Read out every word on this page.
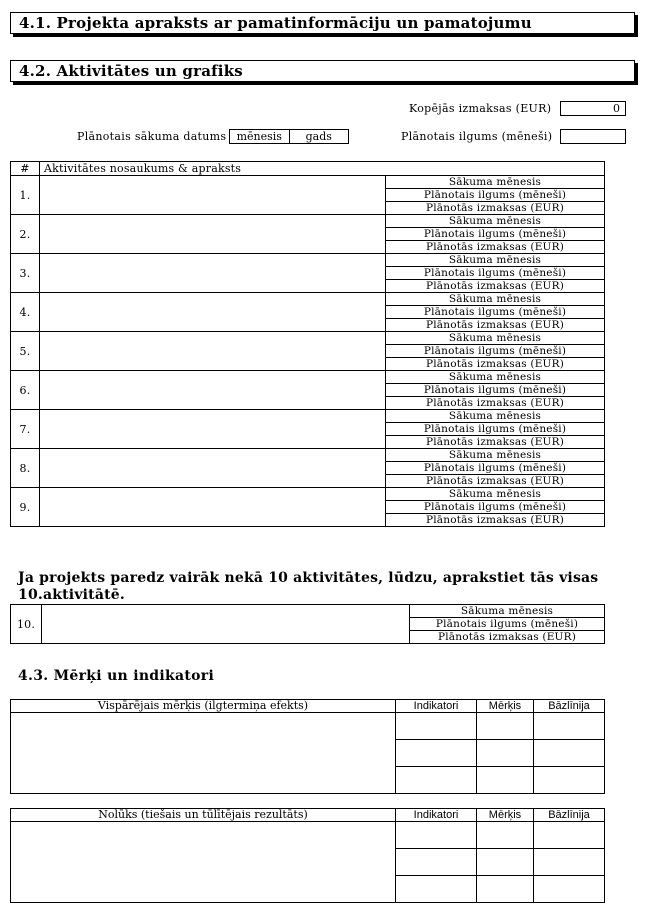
4.1. Projekta apraksts ar pamatinformāciju un pamatojumu
4.2. Aktivitātes un grafiks
Kopējās izmaksas (EUR)	0
Plānotais sākuma datums mēnesis	gads	Plānotais ilgums (mēneši)
#	Aktivitātes nosaukums & apraksts	
1.		Sākuma mēnesis
		Plānotais ilgums (mēneši)
		Plānotās izmaksas (EUR)
2.		Sākuma mēnesis
		Plānotais ilgums (mēneši)
		Plānotās izmaksas (EUR)
3.		Sākuma mēnesis
		Plānotais ilgums (mēneši)
		Plānotās izmaksas (EUR)
4.		Sākuma mēnesis
		Plānotais ilgums (mēneši)
		Plānotās izmaksas (EUR)
5.		Sākuma mēnesis
		Plānotais ilgums (mēneši)
		Plānotās izmaksas (EUR)
6.		Sākuma mēnesis
		Plānotais ilgums (mēneši)
		Plānotās izmaksas (EUR)
7.		Sākuma mēnesis
		Plānotais ilgums (mēneši)
		Plānotās izmaksas (EUR)
8.		Sākuma mēnesis
		Plānotais ilgums (mēneši)
		Plānotās izmaksas (EUR)
9.		Sākuma mēnesis
		Plānotais ilgums (mēneši)
		Plānotās izmaksas (EUR)
Ja projekts paredz vairāk nekā 10 aktivitātes, lūdzu, aprakstiet tās visas 10.aktivitātē.
10.		Sākuma mēnesis
Plānotais ilgums (mēneši)
Plānotās izmaksas (EUR)
4.3. Mērķi un indikatori
Vispārējais mērķis (ilgtermiņa efekts)	Indikatori	Mērķis	Bāzlīnija

Nolūks (tiešais un tūlītējais rezultāts)	Indikatori	Mērķis	Bāzlīnija
